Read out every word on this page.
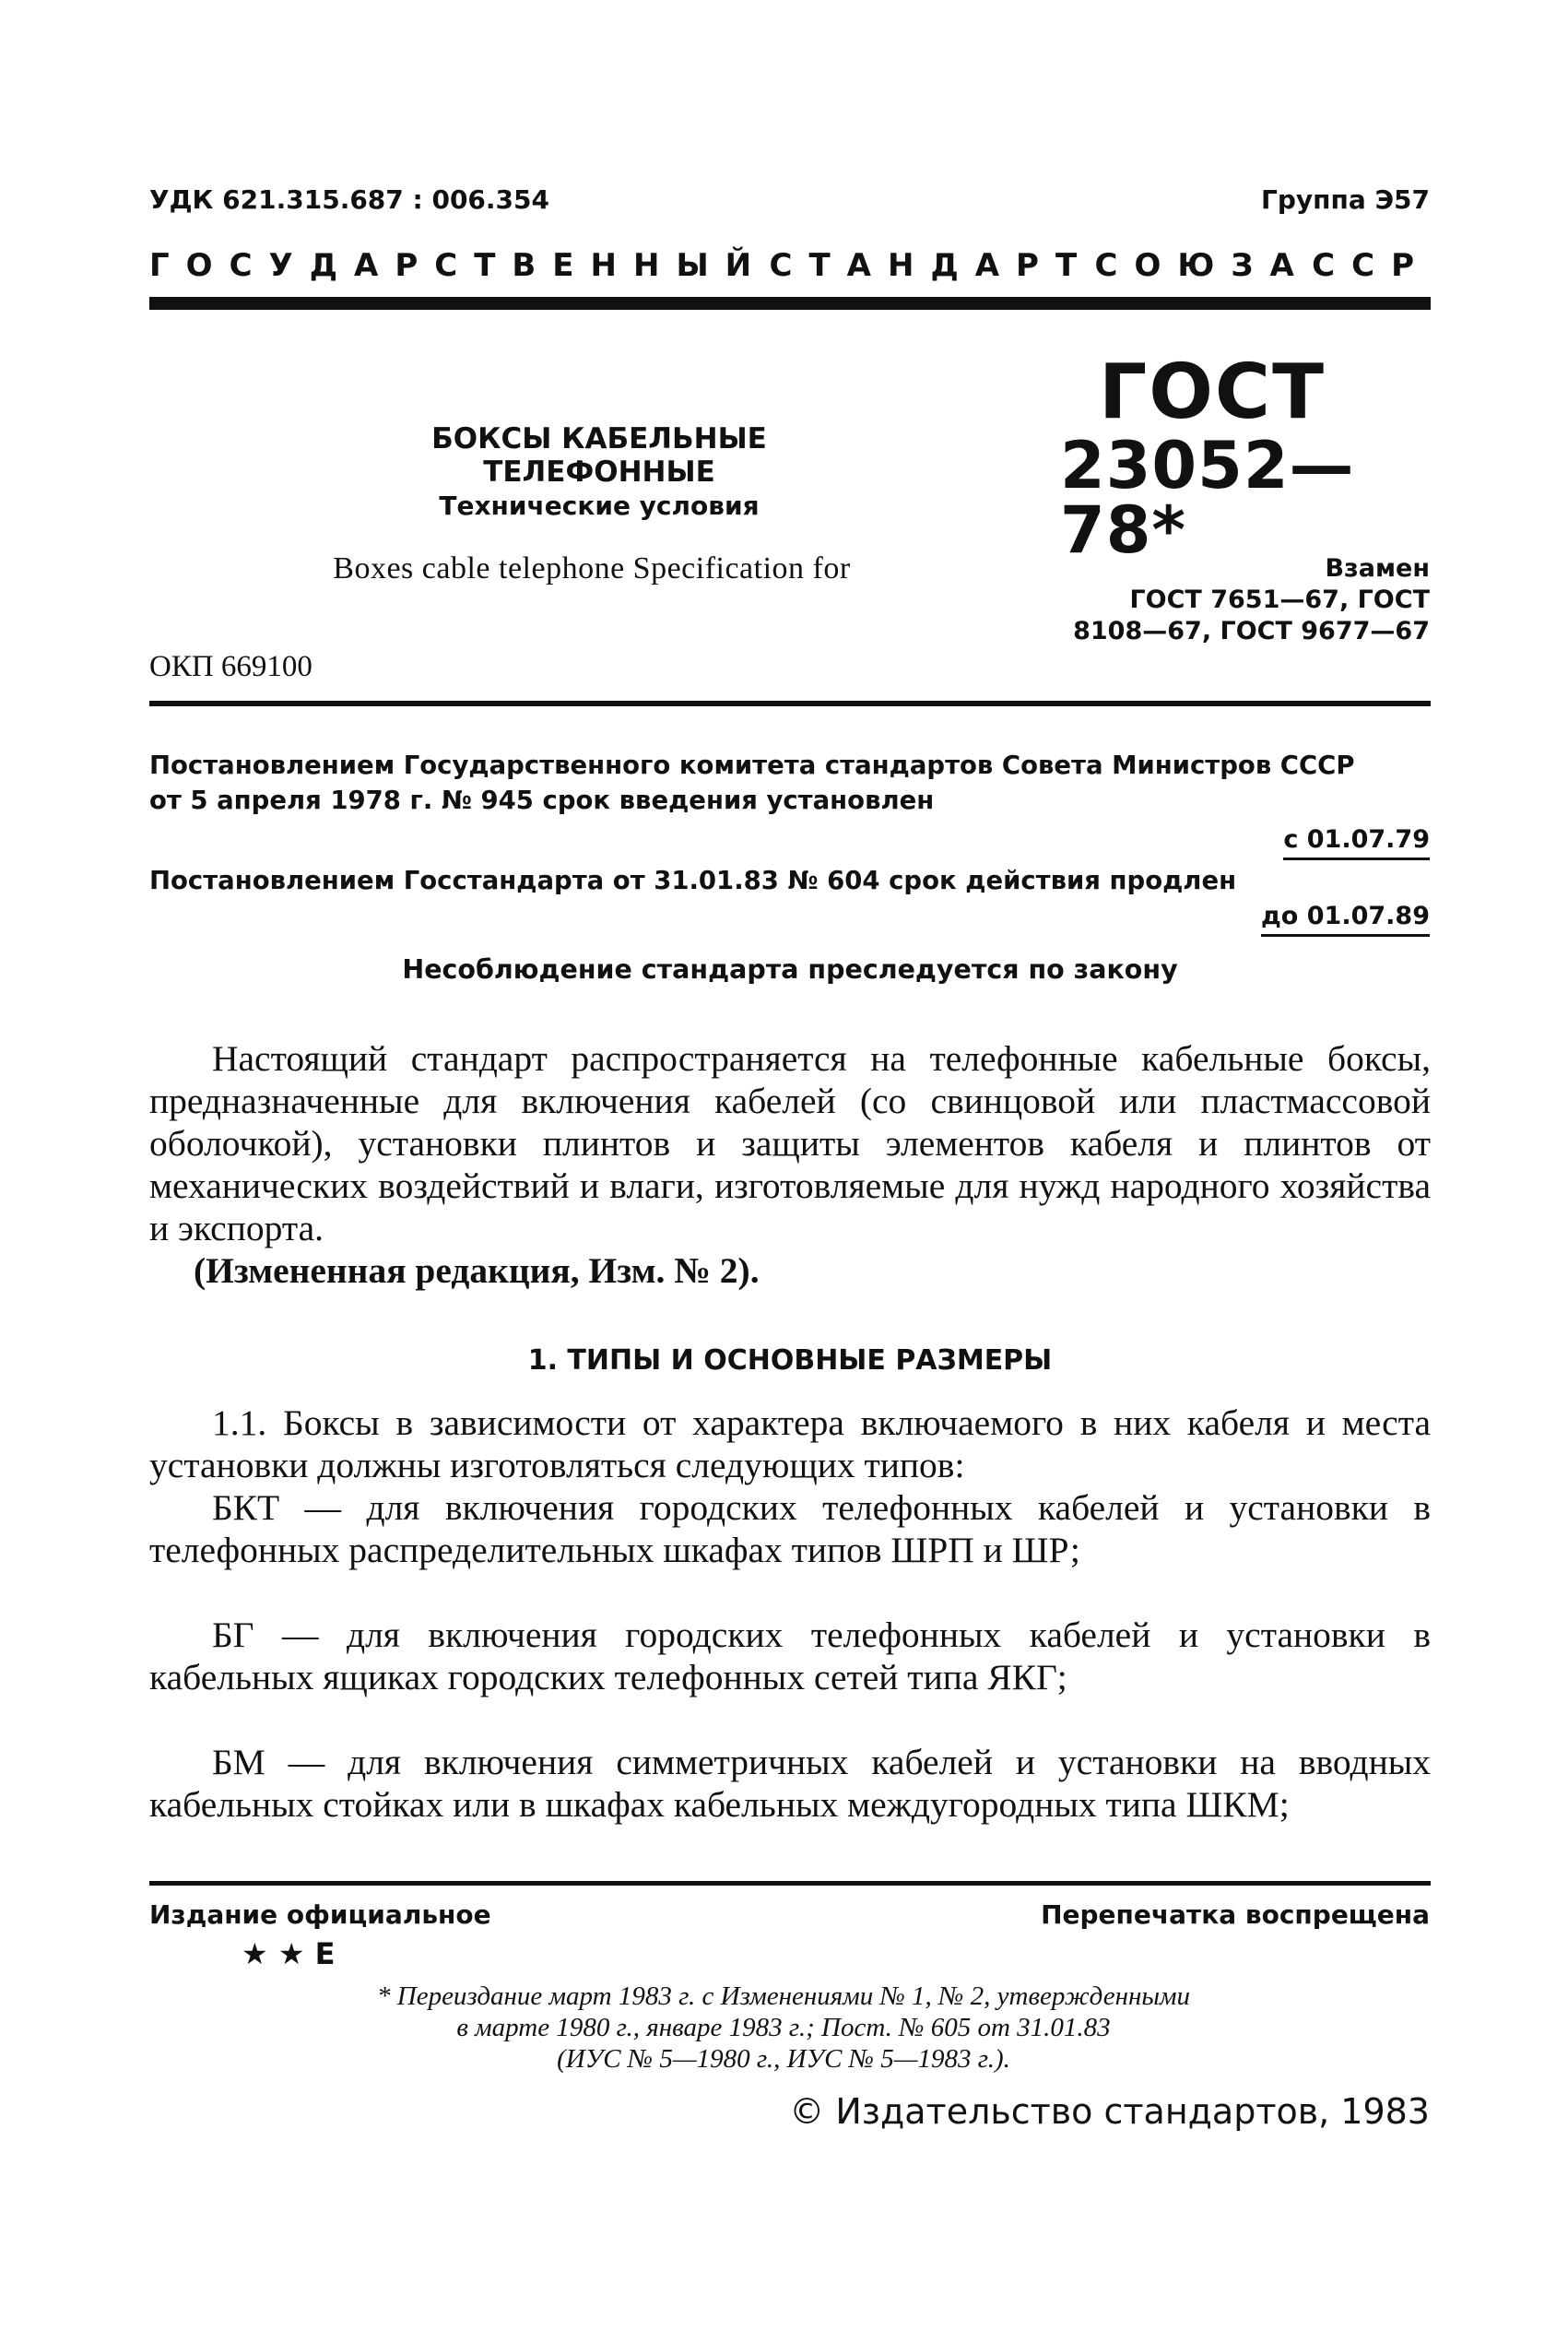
УДК 621.315.687 : 006.354	Группа Э57
ГОСУДАРСТВЕННЫЙ СТАНДАРТ СОЮЗА ССР
БОКСЫ КАБЕЛЬНЫЕ ТЕЛЕФОННЫЕ
Технические условия
Boxes cable telephone Specification for
ОКП 669100
ГОСТ
23052—78*
Взамен
ГОСТ 7651—67, ГОСТ
8108—67, ГОСТ 9677—67
Постановлением Государственного комитета стандартов Совета Министров СССР
от 5 апреля 1978 г. № 945 срок введения установлен
с 01.07.79
Постановлением Госстандарта от 31.01.83 № 604 срок действия продлен
до 01.07.89
Несоблюдение стандарта преследуется по закону
Настоящий стандарт распространяется на телефонные кабельные боксы, предназначенные для включения кабелей (со свинцовой или пластмассовой оболочкой), установки плинтов и защиты элементов кабеля и плинтов от механических воздействий и влаги, изготовляемые для нужд народного хозяйства и экспорта.
(Измененная редакция, Изм. № 2).
1. ТИПЫ И ОСНОВНЫЕ РАЗМЕРЫ
1.1. Боксы в зависимости от характера включаемого в них кабеля и места установки должны изготовляться следующих типов:
БКТ — для включения городских телефонных кабелей и установки в телефонных распределительных шкафах типов ШРП и ШР;
БГ — для включения городских телефонных кабелей и установки в кабельных ящиках городских телефонных сетей типа ЯКГ;
БМ — для включения симметричных кабелей и установки на вводных кабельных стойках или в шкафах кабельных междугородных типа ШКМ;
Издание официальное	Перепечатка воспрещена
★ ★ Е
* Переиздание март 1983 г. с Изменениями № 1, № 2, утвержденными
в марте 1980 г., январе 1983 г.; Пост. № 605 от 31.01.83
(ИУС № 5—1980 г., ИУС № 5—1983 г.).
© Издательство стандартов, 1983
